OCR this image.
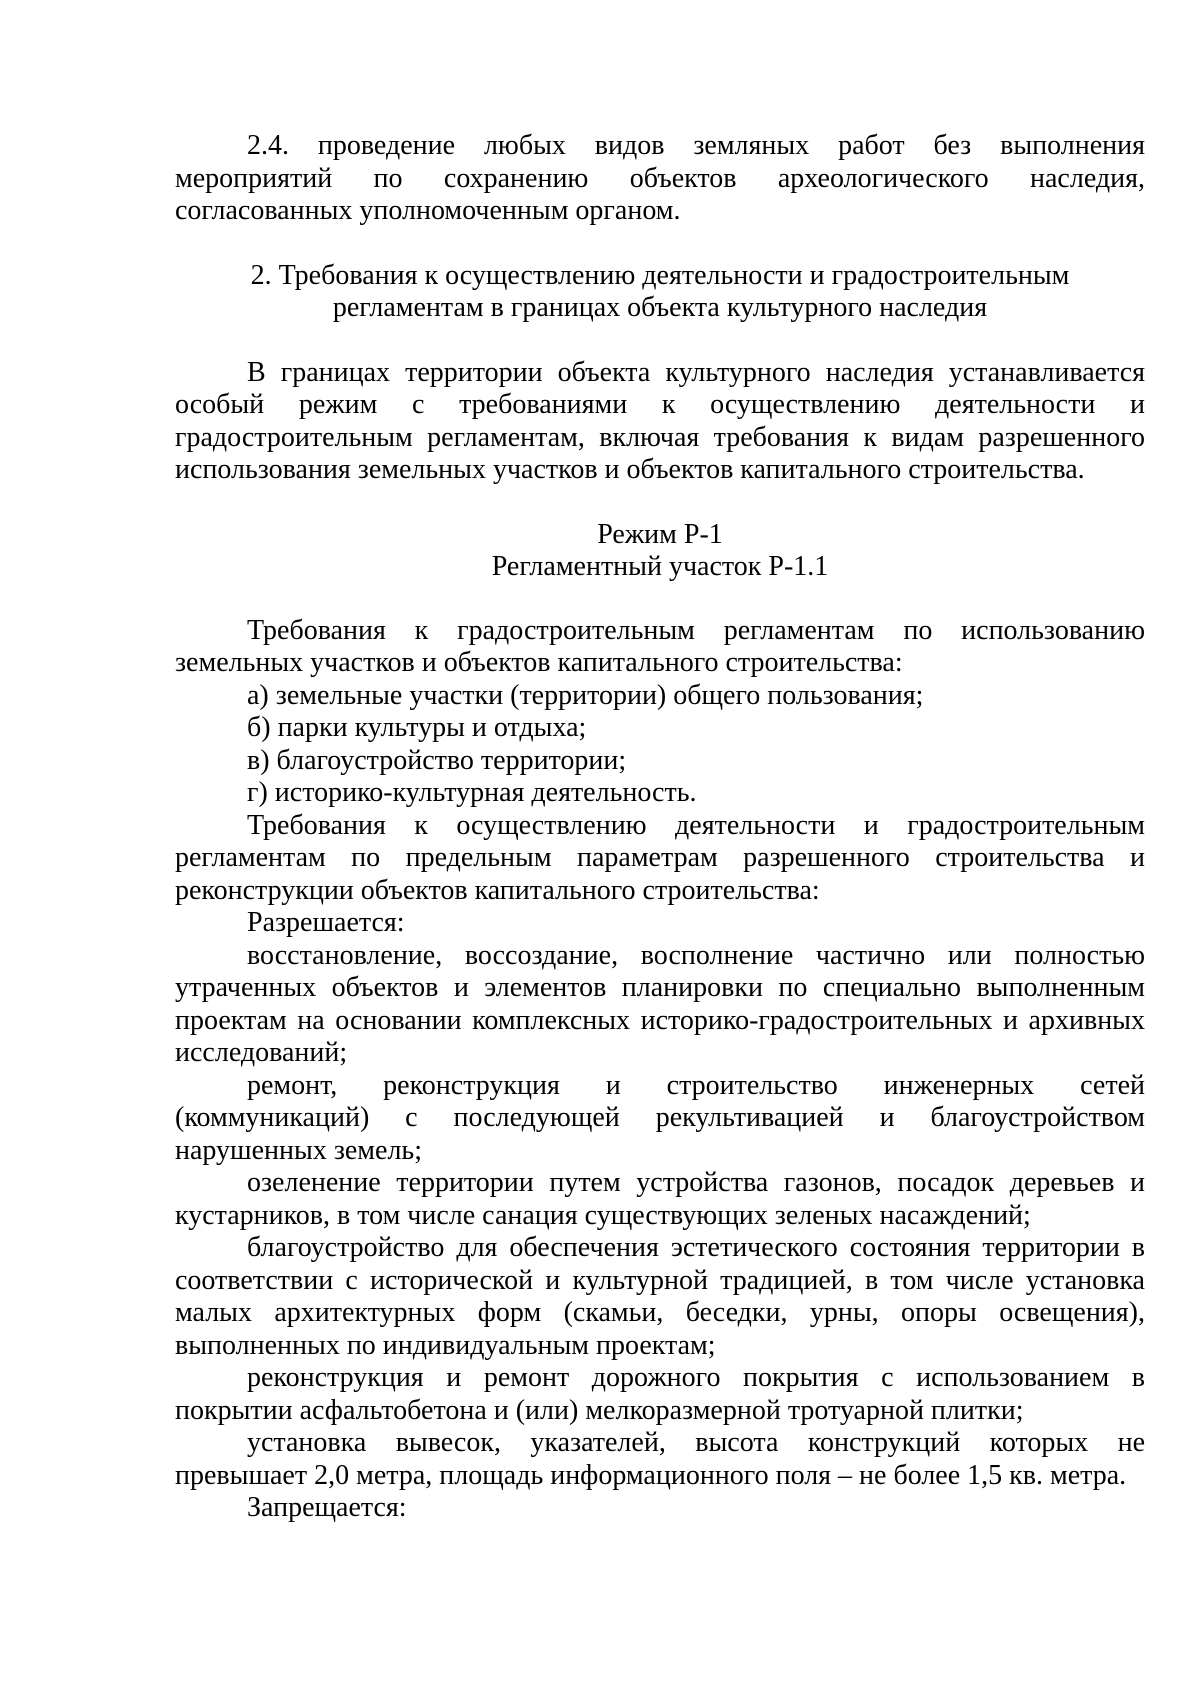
2.4. проведение любых видов земляных работ без выполнения мероприятий по сохранению объектов археологического наследия, согласованных уполномоченным органом.

2. Требования к осуществлению деятельности и градостроительным

регламентам в границах объекта культурного наследия

В границах территории объекта культурного наследия устанавливается особый режим с требованиями к осуществлению деятельности и градостроительным регламентам, включая требования к видам разрешенного использования земельных участков и объектов капитального строительства.

Режим Р-1

Регламентный участок Р-1.1

Требования к градостроительным регламентам по использованию земельных участков и объектов капитального строительства:

а) земельные участки (территории) общего пользования;

б) парки культуры и отдыха;

в) благоустройство территории;

г) историко-культурная деятельность.

Требования к осуществлению деятельности и градостроительным регламентам по предельным параметрам разрешенного строительства и реконструкции объектов капитального строительства:

Разрешается:

восстановление, воссоздание, восполнение частично или полностью утраченных объектов и элементов планировки по специально выполненным проектам на основании комплексных историко-градостроительных и архивных исследований;

ремонт, реконструкция и строительство инженерных сетей (коммуникаций) с последующей рекультивацией и благоустройством нарушенных земель;

озеленение территории путем устройства газонов, посадок деревьев и кустарников, в том числе санация существующих зеленых насаждений;

благоустройство для обеспечения эстетического состояния территории в соответствии с исторической и культурной традицией, в том числе установка малых архитектурных форм (скамьи, беседки, урны, опоры освещения), выполненных по индивидуальным проектам;

реконструкция и ремонт дорожного покрытия с использованием в покрытии асфальтобетона и (или) мелкоразмерной тротуарной плитки;

установка вывесок, указателей, высота конструкций которых не превышает 2,0 метра, площадь информационного поля – не более 1,5 кв. метра.

Запрещается:
